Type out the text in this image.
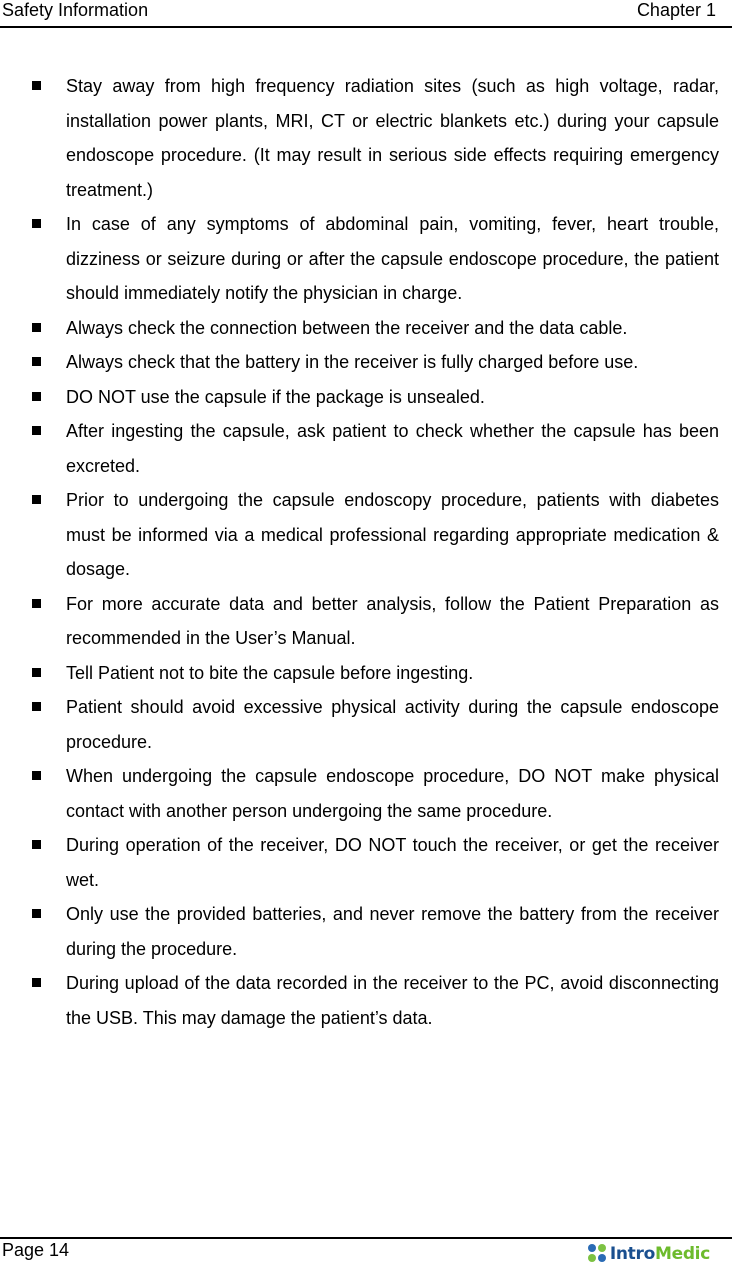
Safety Information	Chapter 1
Stay away from high frequency radiation sites (such as high voltage, radar, installation power plants, MRI, CT or electric blankets etc.) during your capsule endoscope procedure. (It may result in serious side effects requiring emergency treatment.)
In case of any symptoms of abdominal pain, vomiting, fever, heart trouble, dizziness or seizure during or after the capsule endoscope procedure, the patient should immediately notify the physician in charge.
Always check the connection between the receiver and the data cable.
Always check that the battery in the receiver is fully charged before use.
DO NOT use the capsule if the package is unsealed.
After ingesting the capsule, ask patient to check whether the capsule has been excreted.
Prior to undergoing the capsule endoscopy procedure, patients with diabetes must be informed via a medical professional regarding appropriate medication & dosage.
For more accurate data and better analysis, follow the Patient Preparation as recommended in the User’s Manual.
Tell Patient not to bite the capsule before ingesting.
Patient should avoid excessive physical activity during the capsule endoscope procedure.
When undergoing the capsule endoscope procedure, DO NOT make physical contact with another person undergoing the same procedure.
During operation of the receiver, DO NOT touch the receiver, or get the receiver wet.
Only use the provided batteries, and never remove the battery from the receiver during the procedure.
During upload of the data recorded in the receiver to the PC, avoid disconnecting the USB. This may damage the patient’s data.
Page 14	IntroMedic
